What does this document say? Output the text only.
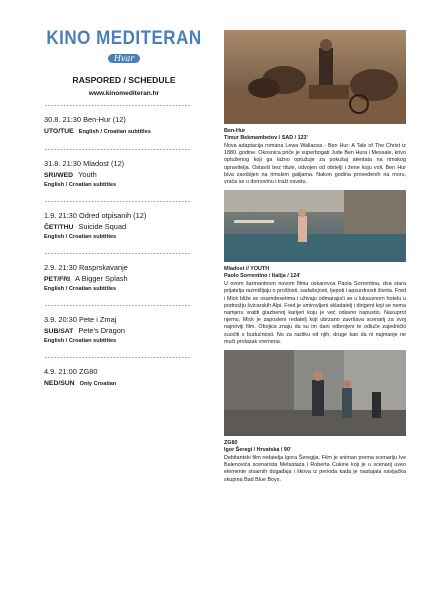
KINO MEDITERAN
Hvar
RASPORED / SCHEDULE
www.kinomediteran.hr
-----------------------------------------------
30.8. 21:30 Ben-Hur (12)
UTO/TUE English / Croatian subtitles
-----------------------------------------------
31.8. 21:30 Mladost (12)
SRI/WED Youth
English / Croatian subtitles
-----------------------------------------------
1.9. 21:30 Odred otpisanih (12)
ČET/THU Suicide Squad
English / Croatian subtitles
-----------------------------------------------
2.9. 21:30 Rasprskavanje
PET/FRI A Bigger Splash
English / Croatian subtitles
-----------------------------------------------
3.9. 20:30 Pete i Zmaj
SUB/SAT Pete's Dragon
English / Croatian subtitles
-----------------------------------------------
4.9. 21:00 ZG80
NED/SUN Only Croatian
Ben-Hur
Timur Bekmambetov / SAD / 123'
Nova adaptacija romana Lewa Wallacea - Ben Hur: A Tale of The Christ iz 1880. godine. Okosnica priče je superbogati Jude Ben Hura i Messale, krivo optuženog koji ga lažno optužuje za pokušaj atentata na rimskog upravitelja. Ostavši bez titule, odvojen od obitelji i žene koju voli, Ben Hur biva zarobljen na rimskim galijama. Nakon godina provedenih na moru, vraća se u domovinu i traži osvetu.
Mladost // YOUTH
Paolo Sorrentino / Italija / 124'
U ovom šarmantnom novom filmu oskarovca Paola Sorrentina, dva stara prijatelja razmišljaju o prošlosti, sadašnjosti, ljepoti i apsurdnosti života. Fred i Mick bliže se osamdesetima i uživaju odmarajući se u luksuznom hotelu u podnožju švicarskih Alpi. Fred je umirovljeni skladatelj i dirigent koji se nema namjeru vratiti glazbenoj karijeri koju je već odavno napustio. Nasuprot njemu, Mick je zaposleni redatelj koji ubrzano završava scenarij za svoj najnoviji film. Obojica znaju da su im dani odbrojeni te odluče zajednički suočiti s budućnosti. No za razliku od njih, druge kao da ni najmanje ne muči prolazak vremena.
ZG80
Igor Šeregi / Hrvatska / 90'
Debitantski film redatelja Igora Šeregija. Film je sniman prema scenariju Ive Balenovića scenarista Metastaza i Roberta Cukine koji je u scenarij uveo elemente stvarnih događaja i likova iz perioda kada je nastajala navijačka skupina Bad Blue Boys.
